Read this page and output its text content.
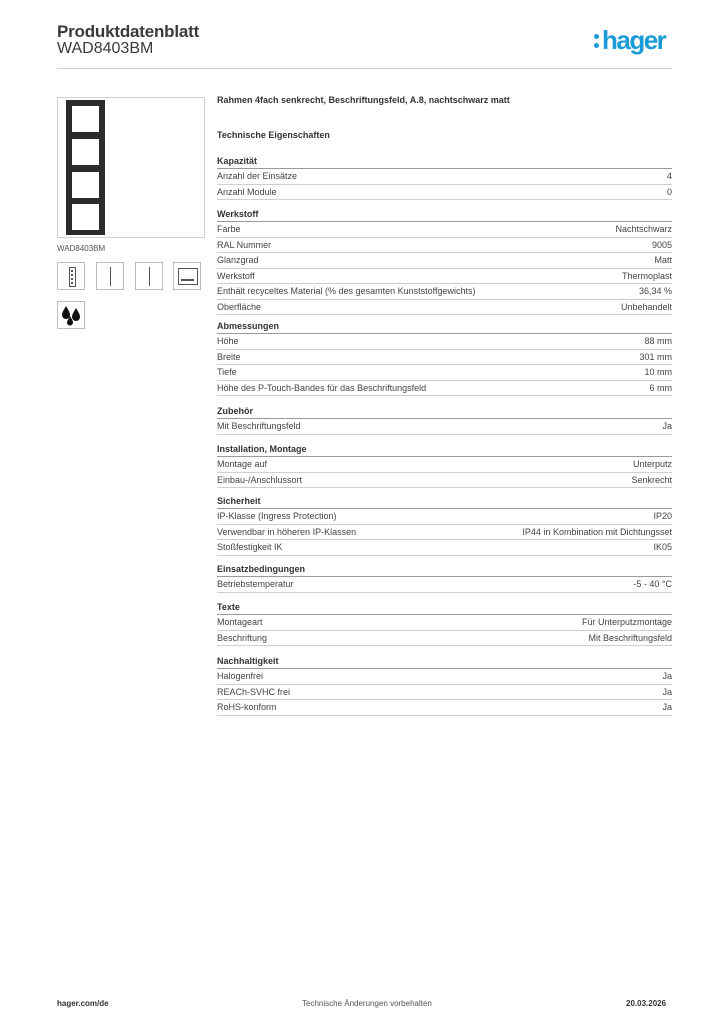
Produktdatenblatt
WAD8403BM	hager
WAD8403BM
Rahmen 4fach senkrecht, Beschriftungsfeld, A.8, nachtschwarz matt
Technische Eigenschaften
Kapazität
Anzahl der Einsätze	4
Anzahl Module	0
Werkstoff
Farbe	Nachtschwarz
RAL Nummer	9005
Glanzgrad	Matt
Werkstoff	Thermoplast
Enthält recyceltes Material (% des gesamten Kunststoffgewichts)	36,34 %
Oberfläche	Unbehandelt
Abmessungen
Höhe	88 mm
Breite	301 mm
Tiefe	10 mm
Höhe des P-Touch-Bandes für das Beschriftungsfeld	6 mm
Zubehör
Mit Beschriftungsfeld	Ja
Installation, Montage
Montage auf	Unterputz
Einbau-/Anschlussort	Senkrecht
Sicherheit
IP-Klasse (Ingress Protection)	IP20
Verwendbar in höheren IP-Klassen	IP44 in Kombination mit Dichtungsset
Stoßfestigkeit IK	IK05
Einsatzbedingungen
Betriebstemperatur	-5 - 40 °C
Texte
Montageart	Für Unterputzmontage
Beschriftung	Mit Beschriftungsfeld
Nachhaltigkeit
Halogenfrei	Ja
REACh-SVHC frei	Ja
RoHS-konform	Ja
hager.com/de	Technische Änderungen vorbehalten	20.03.2026
